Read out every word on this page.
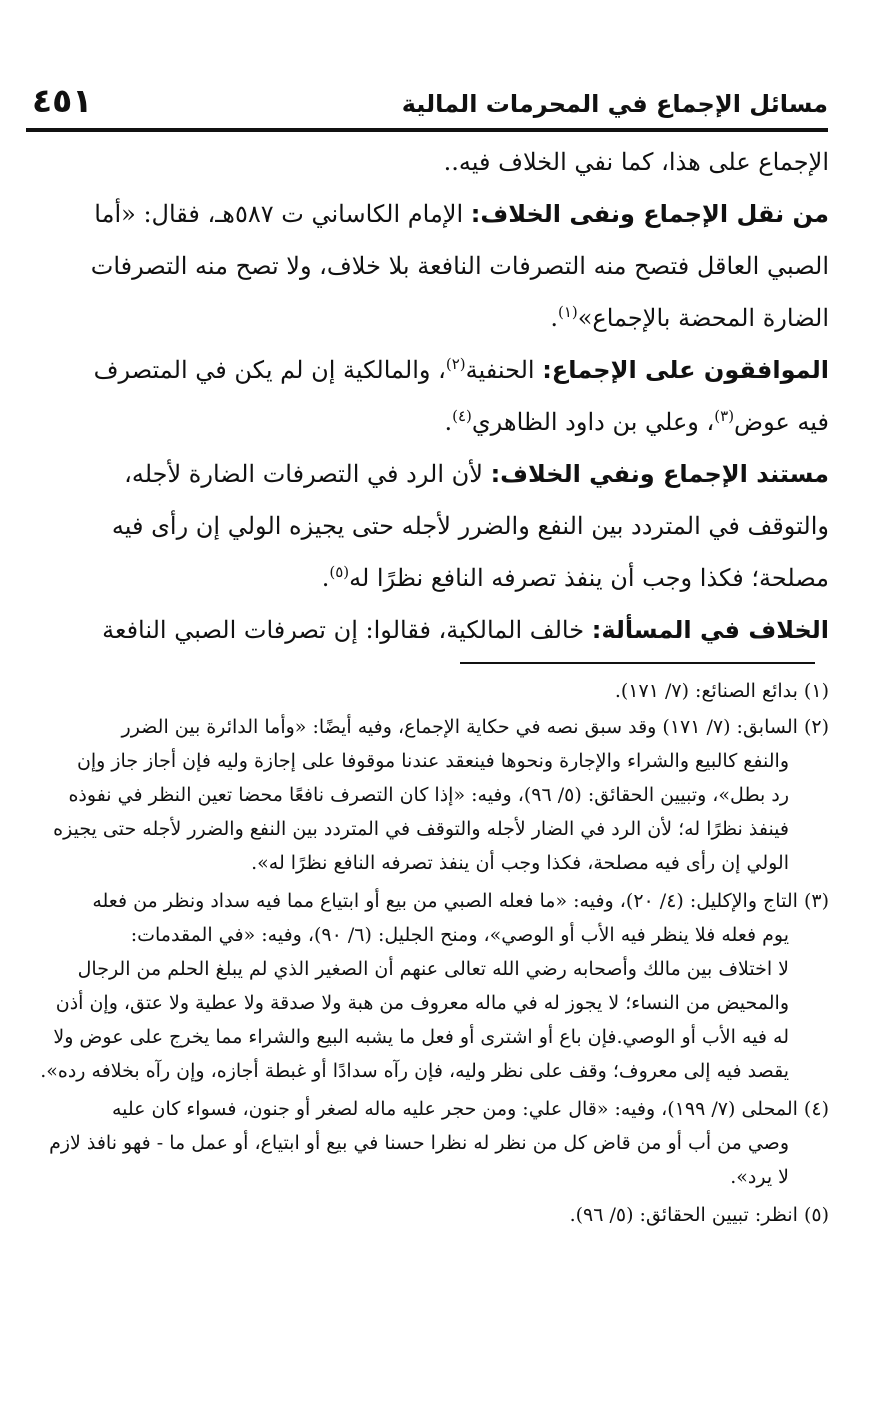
مسائل الإجماع في المحرمات المالية
٤٥١
الإجماع على هذا، كما نفي الخلاف فيه..
من نقل الإجماع ونفى الخلاف: الإمام الكاساني ت ٥٨٧هـ، فقال: «أما
الصبي العاقل فتصح منه التصرفات النافعة بلا خلاف، ولا تصح منه التصرفات
الضارة المحضة بالإجماع»$^{(١)}$.
الموافقون على الإجماع: الحنفية$^{(٢)}$، والمالكية إن لم يكن في المتصرف
فيه عوض$^{(٣)}$، وعلي بن داود الظاهري$^{(٤)}$.
مستند الإجماع ونفي الخلاف: لأن الرد في التصرفات الضارة لأجله،
والتوقف في المتردد بين النفع والضرر لأجله حتى يجيزه الولي إن رأى فيه
مصلحة؛ فكذا وجب أن ينفذ تصرفه النافع نظرًا له$^{(٥)}$.
الخلاف في المسألة: خالف المالكية، فقالوا: إن تصرفات الصبي النافعة
(١) بدائع الصنائع: (٧/ ١٧١).
(٢) السابق: (٧/ ١٧١) وقد سبق نصه في حكاية الإجماع، وفيه أيضًا: «وأما الدائرة بين الضرر
والنفع كالبيع والشراء والإجارة ونحوها فينعقد عندنا موقوفا على إجازة وليه فإن أجاز جاز وإن
رد بطل»، وتبيين الحقائق: (٥/ ٩٦)، وفيه: «إذا كان التصرف نافعًا محضا تعين النظر في نفوذه
فينفذ نظرًا له؛ لأن الرد في الضار لأجله والتوقف في المتردد بين النفع والضرر لأجله حتى يجيزه
الولي إن رأى فيه مصلحة، فكذا وجب أن ينفذ تصرفه النافع نظرًا له».
(٣) التاج والإكليل: (٤/ ٢٠)، وفيه: «ما فعله الصبي من بيع أو ابتياع مما فيه سداد ونظر من فعله
يوم فعله فلا ينظر فيه الأب أو الوصي»، ومنح الجليل: (٦/ ٩٠)، وفيه: «في المقدمات:
لا اختلاف بين مالك وأصحابه رضي الله تعالى عنهم أن الصغير الذي لم يبلغ الحلم من الرجال
والمحيض من النساء؛ لا يجوز له في ماله معروف من هبة ولا صدقة ولا عطية ولا عتق، وإن أذن
له فيه الأب أو الوصي.فإن باع أو اشترى أو فعل ما يشبه البيع والشراء مما يخرج على عوض ولا
يقصد فيه إلى معروف؛ وقف على نظر وليه، فإن رآه سدادًا أو غبطة أجازه، وإن رآه بخلافه رده».
(٤) المحلى (٧/ ١٩٩)، وفيه: «قال علي: ومن حجر عليه ماله لصغر أو جنون، فسواء كان عليه
وصي من أب أو من قاض كل من نظر له نظرا حسنا في بيع أو ابتياع، أو عمل ما - فهو نافذ لازم
لا يرد».
(٥) انظر: تبيين الحقائق: (٥/ ٩٦).
